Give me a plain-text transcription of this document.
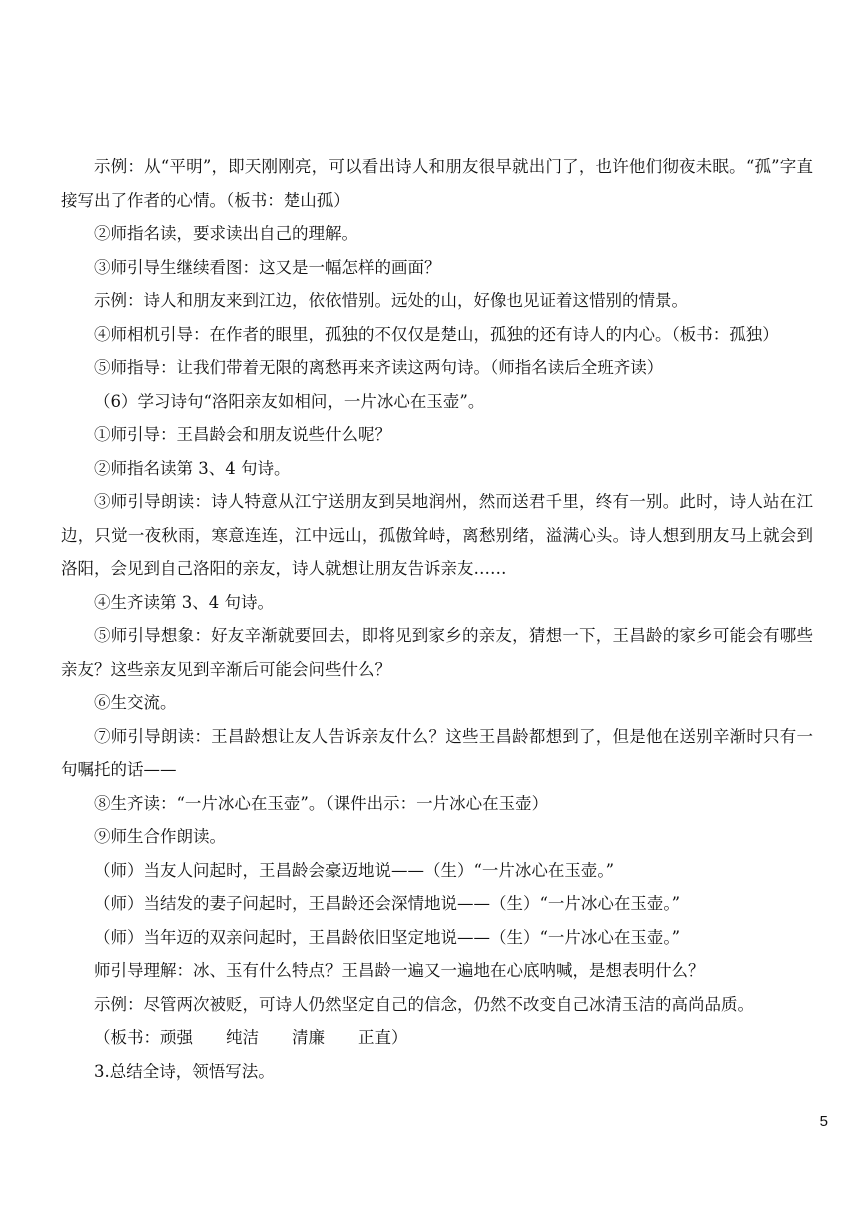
示例：从“平明”，即天刚刚亮，可以看出诗人和朋友很早就出门了，也许他们彻夜未眠。“孤”字直接写出了作者的心情。（板书：楚山孤）

②师指名读，要求读出自己的理解。

③师引导生继续看图：这又是一幅怎样的画面？

示例：诗人和朋友来到江边，依依惜别。远处的山，好像也见证着这惜别的情景。

④师相机引导：在作者的眼里，孤独的不仅仅是楚山，孤独的还有诗人的内心。（板书：孤独）

⑤师指导：让我们带着无限的离愁再来齐读这两句诗。（师指名读后全班齐读）

（6）学习诗句“洛阳亲友如相问，一片冰心在玉壶”。

①师引导：王昌龄会和朋友说些什么呢？

②师指名读第 3、4 句诗。

③师引导朗读：诗人特意从江宁送朋友到吴地润州，然而送君千里，终有一别。此时，诗人站在江边，只觉一夜秋雨，寒意连连，江中远山，孤傲耸峙，离愁别绪，溢满心头。诗人想到朋友马上就会到洛阳，会见到自己洛阳的亲友，诗人就想让朋友告诉亲友……

④生齐读第 3、4 句诗。

⑤师引导想象：好友辛渐就要回去，即将见到家乡的亲友，猜想一下，王昌龄的家乡可能会有哪些亲友？这些亲友见到辛渐后可能会问些什么？

⑥生交流。

⑦师引导朗读：王昌龄想让友人告诉亲友什么？这些王昌龄都想到了，但是他在送别辛渐时只有一句嘱托的话——

⑧生齐读：“一片冰心在玉壶”。（课件出示：一片冰心在玉壶）

⑨师生合作朗读。

（师）当友人问起时，王昌龄会豪迈地说——（生）“一片冰心在玉壶。”

（师）当结发的妻子问起时，王昌龄还会深情地说——（生）“一片冰心在玉壶。”

（师）当年迈的双亲问起时，王昌龄依旧坚定地说——（生）“一片冰心在玉壶。”

师引导理解：冰、玉有什么特点？王昌龄一遍又一遍地在心底呐喊，是想表明什么？

示例：尽管两次被贬，可诗人仍然坚定自己的信念，仍然不改变自己冰清玉洁的高尚品质。

（板书：顽强　　纯洁　　清廉　　正直）

3.总结全诗，领悟写法。

5
